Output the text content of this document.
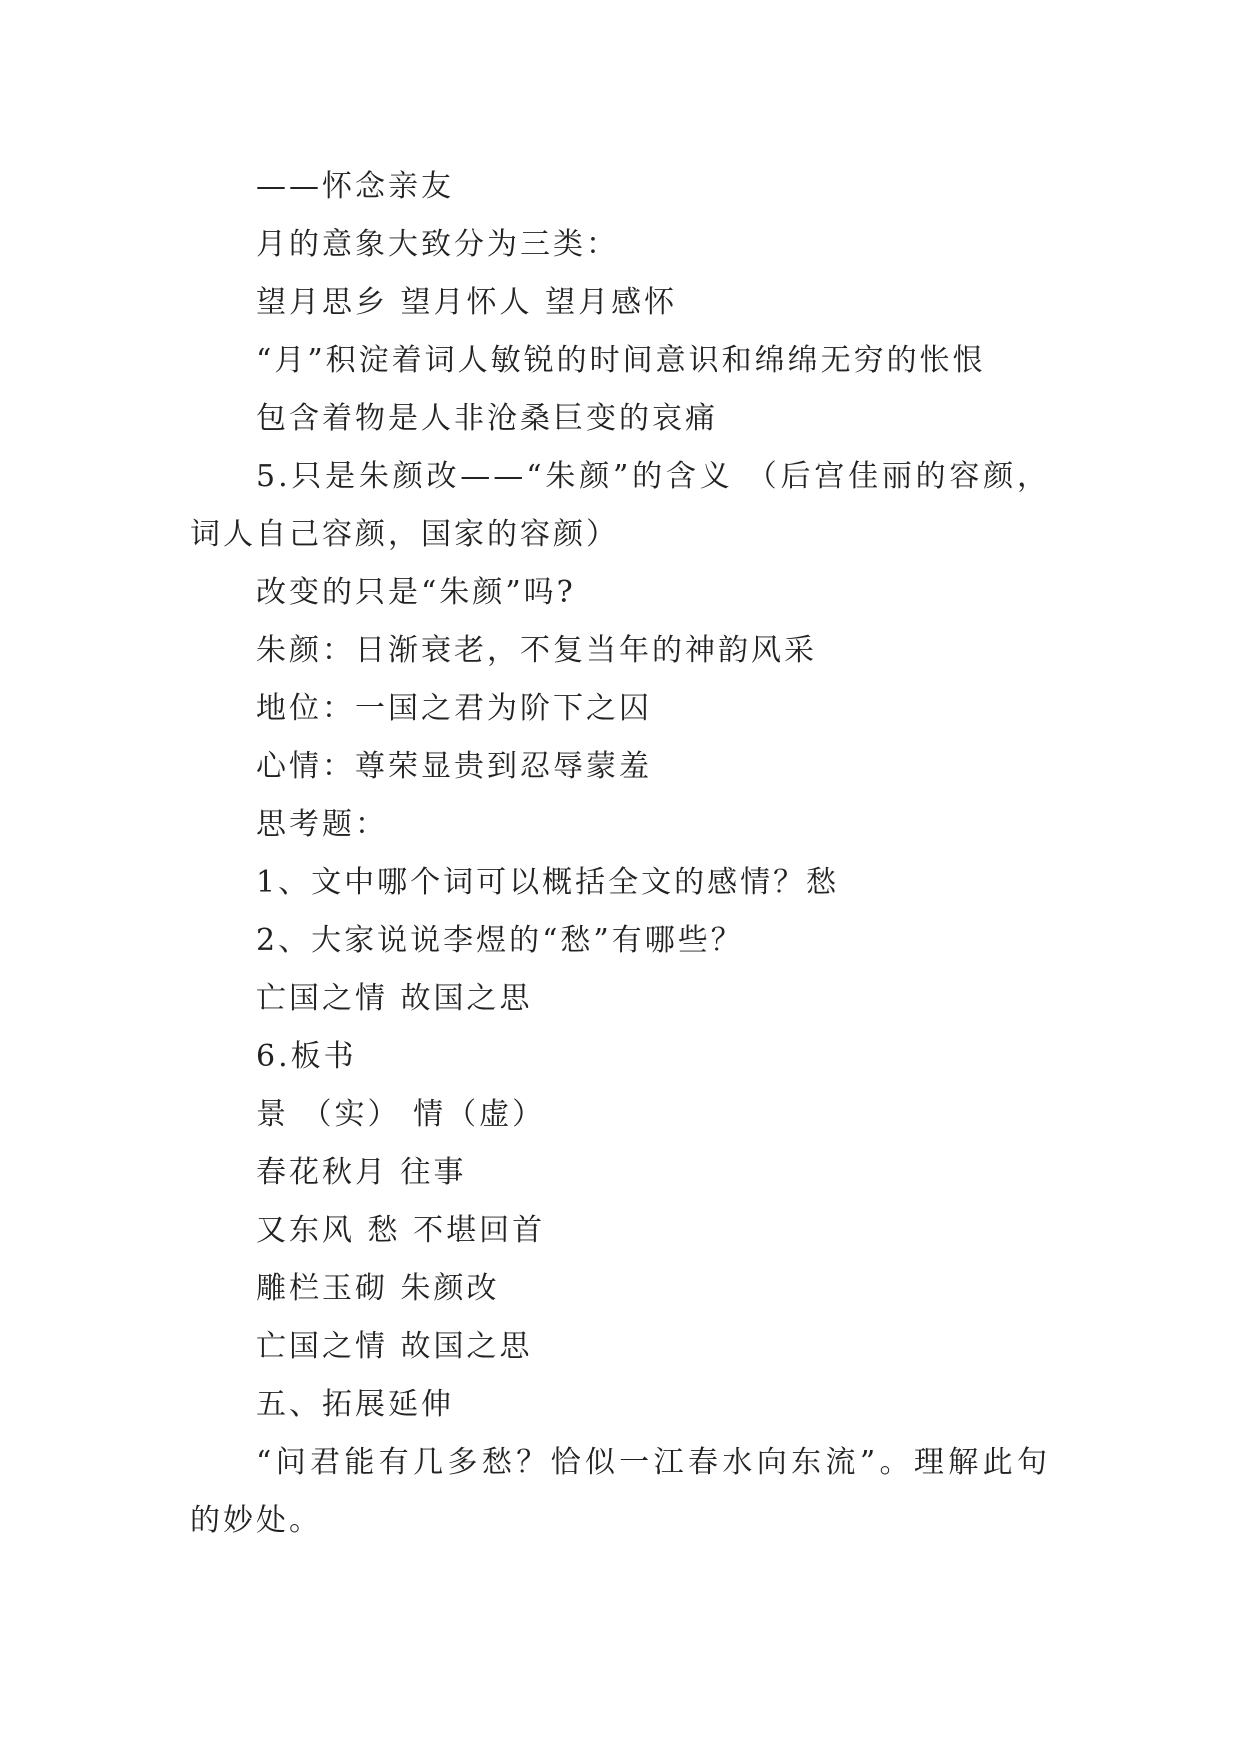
——怀念亲友

月的意象大致分为三类：

望月思乡 望月怀人 望月感怀

“月”积淀着词人敏锐的时间意识和绵绵无穷的怅恨

包含着物是人非沧桑巨变的哀痛

5.只是朱颜改——“朱颜”的含义 （后宫佳丽的容颜，词人自己容颜，国家的容颜）

改变的只是“朱颜”吗?

朱颜：日渐衰老，不复当年的神韵风采

地位：一国之君为阶下之囚

心情：尊荣显贵到忍辱蒙羞

思考题：

1、文中哪个词可以概括全文的感情？愁

2、大家说说李煜的“愁”有哪些？

亡国之情 故国之思

6.板书

景 （实） 情（虚）

春花秋月 往事

又东风 愁 不堪回首

雕栏玉砌 朱颜改

亡国之情 故国之思

五、拓展延伸

“问君能有几多愁？恰似一江春水向东流”。理解此句的妙处。
